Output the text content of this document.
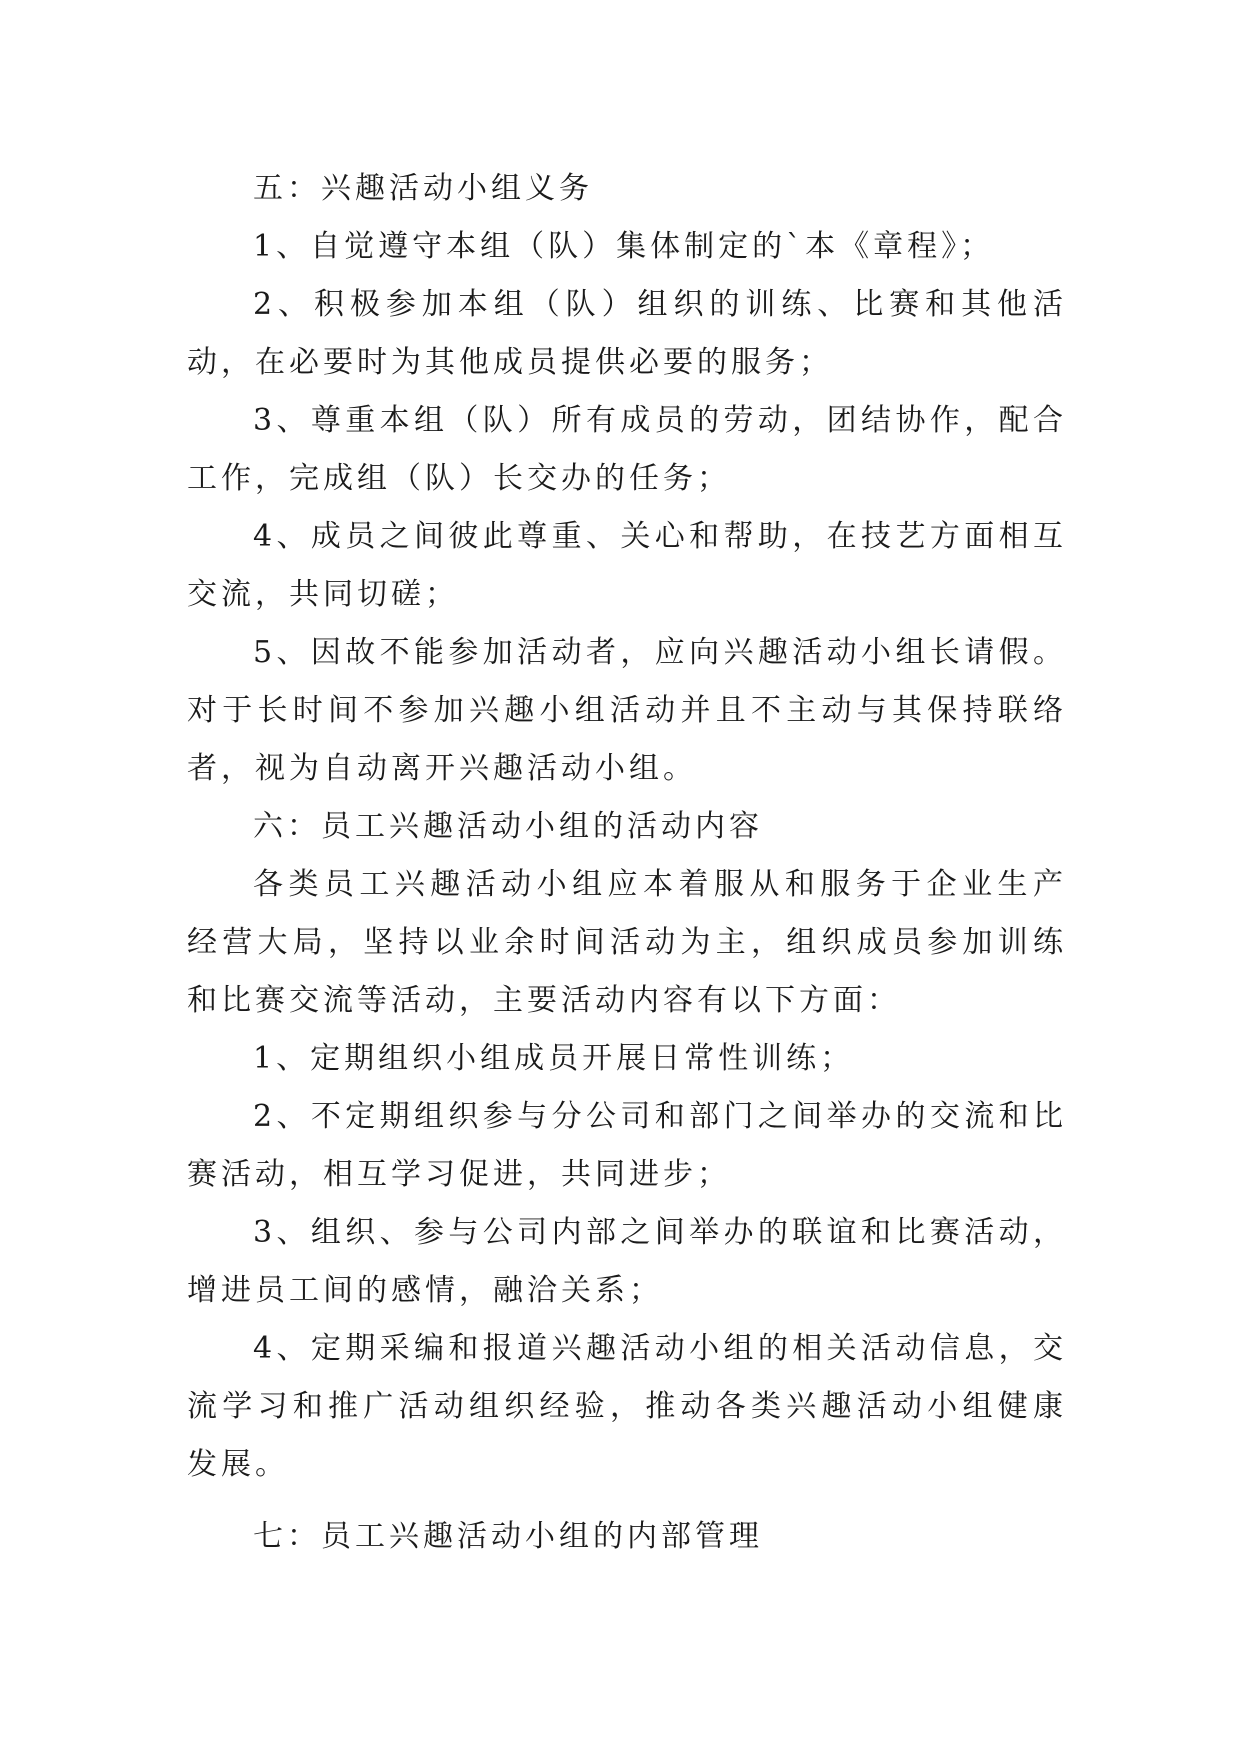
五：兴趣活动小组义务

1、自觉遵守本组（队）集体制定的`本《章程》；

2、积极参加本组（队）组织的训练、比赛和其他活动，在必要时为其他成员提供必要的服务；

3、尊重本组（队）所有成员的劳动，团结协作，配合工作，完成组（队）长交办的任务；

4、成员之间彼此尊重、关心和帮助，在技艺方面相互交流，共同切磋；

5、因故不能参加活动者，应向兴趣活动小组长请假。对于长时间不参加兴趣小组活动并且不主动与其保持联络者，视为自动离开兴趣活动小组。

六：员工兴趣活动小组的活动内容

各类员工兴趣活动小组应本着服从和服务于企业生产经营大局，坚持以业余时间活动为主，组织成员参加训练和比赛交流等活动，主要活动内容有以下方面：

1、定期组织小组成员开展日常性训练；

2、不定期组织参与分公司和部门之间举办的交流和比赛活动，相互学习促进，共同进步；

3、组织、参与公司内部之间举办的联谊和比赛活动，增进员工间的感情，融洽关系；

4、定期采编和报道兴趣活动小组的相关活动信息，交流学习和推广活动组织经验，推动各类兴趣活动小组健康发展。

七：员工兴趣活动小组的内部管理
